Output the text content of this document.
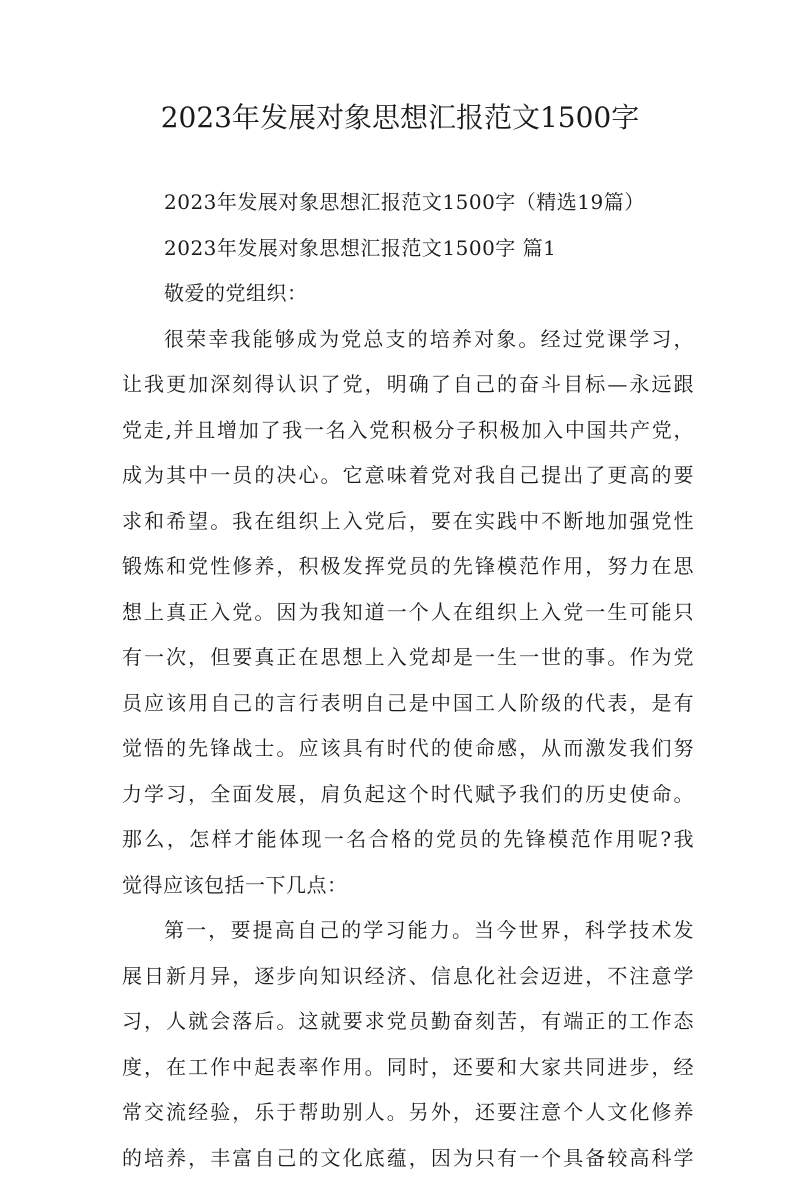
2023年发展对象思想汇报范文1500字
2023年发展对象思想汇报范文1500字（精选19篇）
2023年发展对象思想汇报范文1500字 篇1
敬爱的党组织：
很荣幸我能够成为党总支的培养对象。经过党课学习，
让我更加深刻得认识了党，明确了自己的奋斗目标—永远跟
党走,并且增加了我一名入党积极分子积极加入中国共产党，
成为其中一员的决心。它意味着党对我自己提出了更高的要
求和希望。我在组织上入党后，要在实践中不断地加强党性
锻炼和党性修养，积极发挥党员的先锋模范作用，努力在思
想上真正入党。因为我知道一个人在组织上入党一生可能只
有一次，但要真正在思想上入党却是一生一世的事。作为党
员应该用自己的言行表明自己是中国工人阶级的代表，是有
觉悟的先锋战士。应该具有时代的使命感，从而激发我们努
力学习，全面发展，肩负起这个时代赋予我们的历史使命。
那么，怎样才能体现一名合格的党员的先锋模范作用呢?我
觉得应该包括一下几点：
第一，要提高自己的学习能力。当今世界，科学技术发
展日新月异，逐步向知识经济、信息化社会迈进，不注意学
习，人就会落后。这就要求党员勤奋刻苦，有端正的工作态
度，在工作中起表率作用。同时，还要和大家共同进步，经
常交流经验，乐于帮助别人。另外，还要注意个人文化修养
的培养，丰富自己的文化底蕴，因为只有一个具备较高科学
